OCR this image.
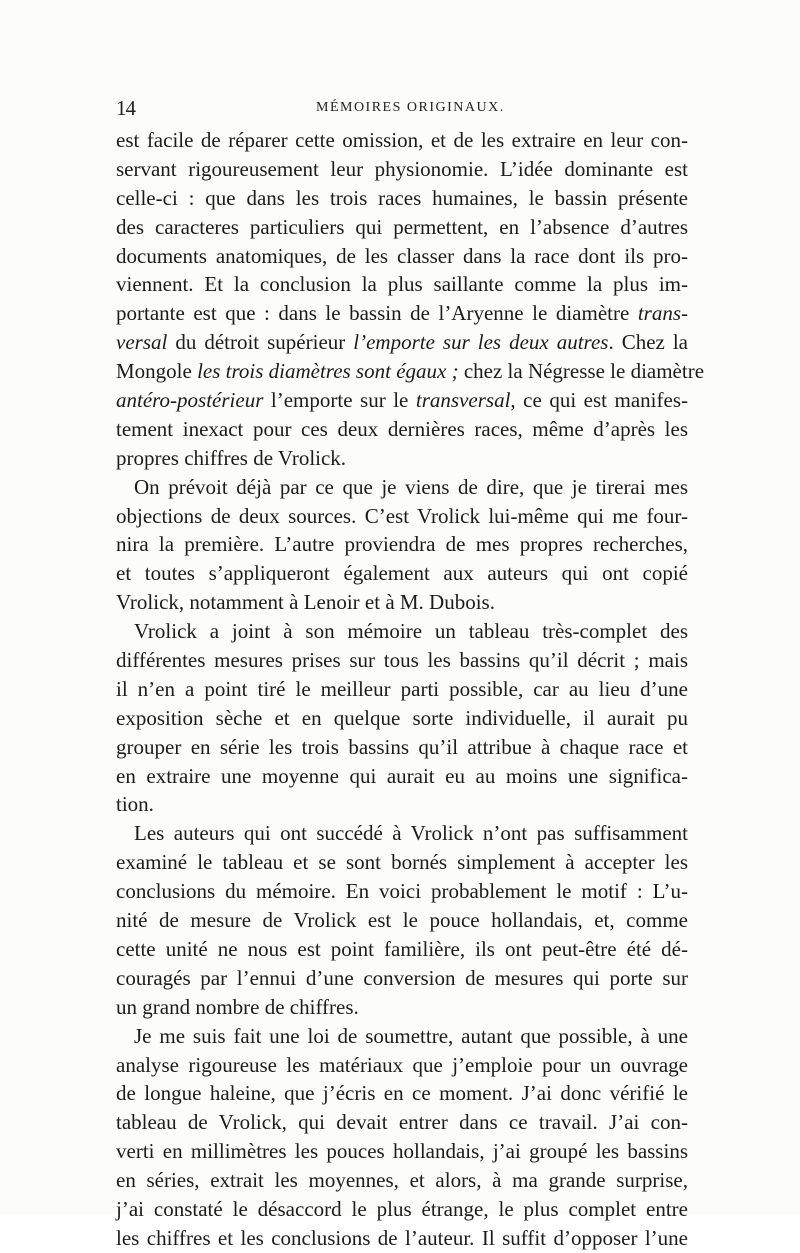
14	MÉMOIRES ORIGINAUX.
est facile de réparer cette omission, et de les extraire en leur con-
servant rigoureusement leur physionomie. L’idée dominante est
celle-ci : que dans les trois races humaines, le bassin présente
des caracteres particuliers qui permettent, en l’absence d’autres
documents anatomiques, de les classer dans la race dont ils pro-
viennent. Et la conclusion la plus saillante comme la plus im-
portante est que : dans le bassin de l’Aryenne le diamètre trans-
versal du détroit supérieur l’emporte sur les deux autres. Chez la
Mongole les trois diamètres sont égaux ; chez la Négresse le diamètre
antéro-postérieur l’emporte sur le transversal, ce qui est manifes-
tement inexact pour ces deux dernières races, même d’après les
propres chiffres de Vrolick.
On prévoit déjà par ce que je viens de dire, que je tirerai mes
objections de deux sources. C’est Vrolick lui-même qui me four-
nira la première. L’autre proviendra de mes propres recherches,
et toutes s’appliqueront également aux auteurs qui ont copié
Vrolick, notamment à Lenoir et à M. Dubois.
Vrolick a joint à son mémoire un tableau très-complet des
différentes mesures prises sur tous les bassins qu’il décrit ; mais
il n’en a point tiré le meilleur parti possible, car au lieu d’une
exposition sèche et en quelque sorte individuelle, il aurait pu
grouper en série les trois bassins qu’il attribue à chaque race et
en extraire une moyenne qui aurait eu au moins une significa-
tion.
Les auteurs qui ont succédé à Vrolick n’ont pas suffisamment
examiné le tableau et se sont bornés simplement à accepter les
conclusions du mémoire. En voici probablement le motif : L’u-
nité de mesure de Vrolick est le pouce hollandais, et, comme
cette unité ne nous est point familière, ils ont peut-être été dé-
couragés par l’ennui d’une conversion de mesures qui porte sur
un grand nombre de chiffres.
Je me suis fait une loi de soumettre, autant que possible, à une
analyse rigoureuse les matériaux que j’emploie pour un ouvrage
de longue haleine, que j’écris en ce moment. J’ai donc vérifié le
tableau de Vrolick, qui devait entrer dans ce travail. J’ai con-
verti en millimètres les pouces hollandais, j’ai groupé les bassins
en séries, extrait les moyennes, et alors, à ma grande surprise,
j’ai constaté le désaccord le plus étrange, le plus complet entre
les chiffres et les conclusions de l’auteur. Il suffit d’opposer l’une
